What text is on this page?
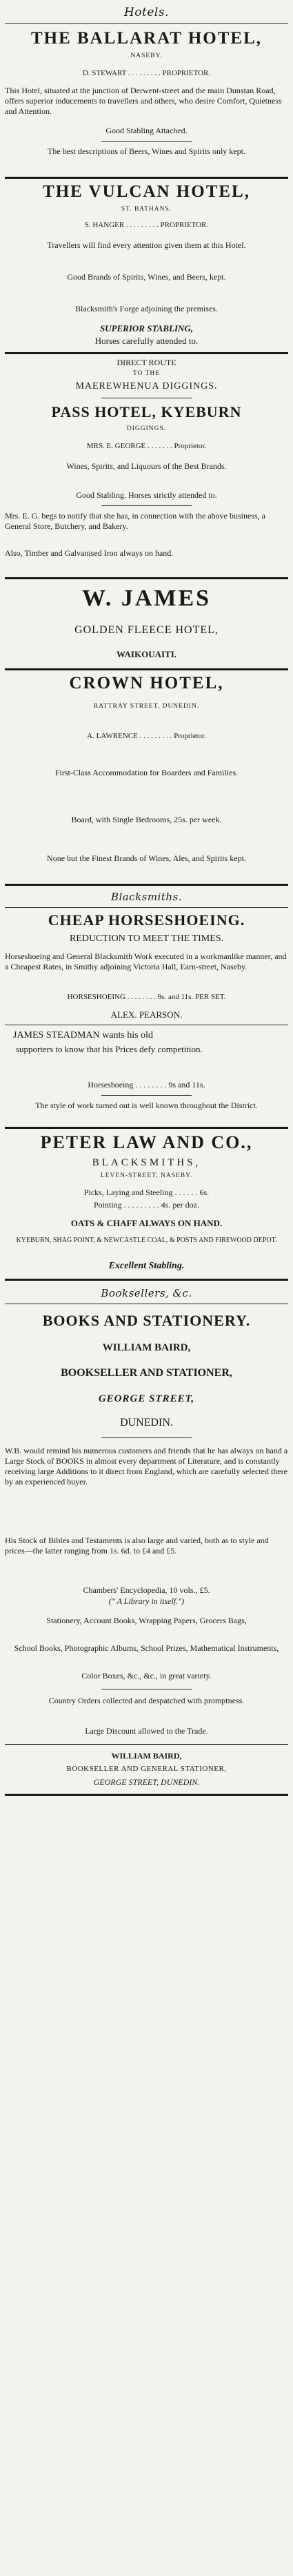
Hotels.
THE BALLARAT HOTEL,
NASEBY.
D. STEWART . . . . . . . . . PROPRIETOR.
This Hotel, situated at the junction of Derwent-street and the main Dunstan Road, offers superior inducements to travellers and others, who desire Comfort, Quietness and Attention.
Good Stabling Attached.
The best descriptions of Beers, Wines and Spirits only kept.
THE VULCAN HOTEL,
ST. BATHANS.
S. HANGER . . . . . . . . . PROPRIETOR.
Travellers will find every attention given them at this Hotel.
Good Brands of Spirits, Wines, and Beers, kept.
Blacksmith's Forge adjoining the premises.
SUPERIOR STABLING,
Horses carefully attended to.
DIRECT ROUTE
TO THE
MAEREWHENUA DIGGINGS.
PASS HOTEL, KYEBURN
DIGGINGS.
MRS. E. GEORGE . . . . . . . Proprietor.
Wines, Spirits, and Liquours of the Best Brands.
Good Stabling. Horses strictly attended to.
Mrs. E. G. begs to notify that she has, in connection with the above business, a General Store, Butchery, and Bakery.
Also, Timber and Galvanised Iron always on hand.
W. JAMES
GOLDEN FLEECE HOTEL,
WAIKOUAITI.
CROWN HOTEL,
RATTRAY STREET, DUNEDIN.
A. LAWRENCE . . . . . . . . . Proprietor.
First-Class Accommodation for Boarders and Families.
Board, with Single Bedrooms, 25s. per week.
None but the Finest Brands of Wines, Ales, and Spirits kept.
Blacksmiths.
CHEAP HORSESHOEING.
REDUCTION TO MEET THE TIMES.
Horseshoeing and General Blacksmith Work executed in a workmanlike manner, and a Cheapest Rates, in Smithy adjoining Victoria Hall, Earn-street, Naseby.
HORSESHOEING . . . . . . . . 9s. and 11s. PER SET.
ALEX. PEARSON.
JAMES STEADMAN wants his old
supporters to know that his Prices defy competition.
Horseshoeing . . . . . . . . 9s and 11s.
The style of work turned out is well known throughout the District.
PETER LAW AND CO.,
BLACKSMITHS,
LEVEN-STREET, NASEBY.
Picks, Laying and Steeling . . . . . . 6s.
Pointing . . . . . . . . . 4s. per doz.
OATS & CHAFF ALWAYS ON HAND.
KYEBURN, SHAG POINT, & NEWCASTLE COAL, & POSTS AND FIREWOOD DEPOT.
Excellent Stabling.
Booksellers, &c.
BOOKS AND STATIONERY.
WILLIAM BAIRD,
BOOKSELLER AND STATIONER,
GEORGE STREET,
DUNEDIN.
W.B. would remind his numerous customers and friends that he has always on hand a Large Stock of BOOKS in almost every department of Literature, and is constantly receiving large Additions to it direct from England, which are carefully selected there by an experienced buyer.
His Stock of Bibles and Testaments is also large and varied, both as to style and prices—the latter ranging from 1s. 6d. to £4 and £5.
Chambers' Encyclopedia, 10 vols., £5.
(" A Library in itself.")
Stationery, Account Books, Wrapping Papers, Grocers Bags,
School Books, Photographic Albums, School Prizes, Mathematical Instruments,
Color Boxes, &c., &c., in great variety.
Country Orders collected and despatched with promptness.
Large Discount allowed to the Trade.
WILLIAM BAIRD,
BOOKSELLER AND GENERAL STATIONER,
GEORGE STREET, DUNEDIN.
